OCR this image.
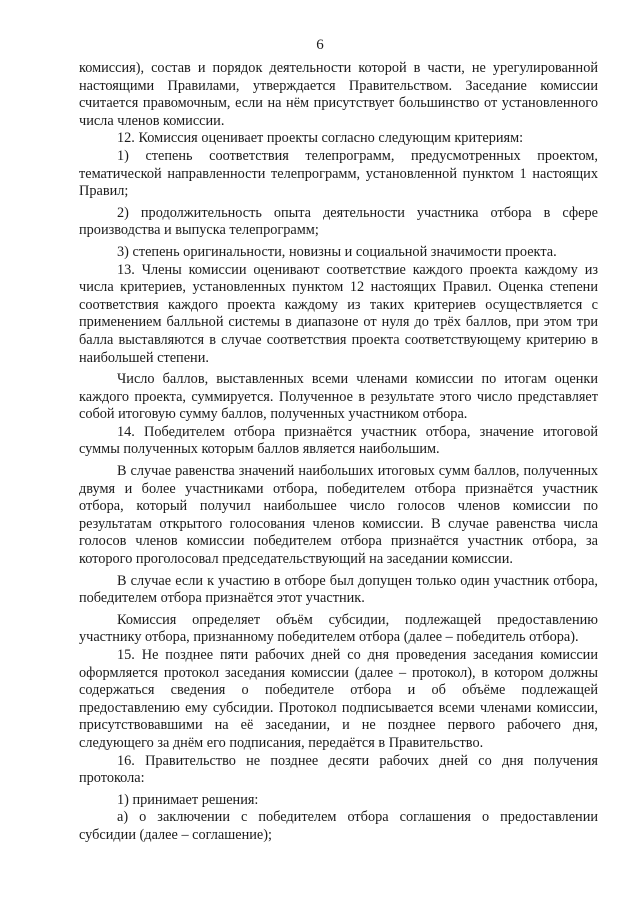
6

комиссия), состав и порядок деятельности которой в части, не урегулированной настоящими Правилами, утверждается Правительством. Заседание комиссии считается правомочным, если на нём присутствует большинство от установленного числа членов комиссии.

12. Комиссия оценивает проекты согласно следующим критериям:

1) степень соответствия телепрограмм, предусмотренных проектом, тематической направленности телепрограмм, установленной пунктом 1 настоящих Правил;

2) продолжительность опыта деятельности участника отбора в сфере производства и выпуска телепрограмм;

3) степень оригинальности, новизны и социальной значимости проекта.

13. Члены комиссии оценивают соответствие каждого проекта каждому из числа критериев, установленных пунктом 12 настоящих Правил. Оценка степени соответствия каждого проекта каждому из таких критериев осуществляется с применением балльной системы в диапазоне от нуля до трёх баллов, при этом три балла выставляются в случае соответствия проекта соответствующему критерию в наибольшей степени.

Число баллов, выставленных всеми членами комиссии по итогам оценки каждого проекта, суммируется. Полученное в результате этого число представляет собой итоговую сумму баллов, полученных участником отбора.

14. Победителем отбора признаётся участник отбора, значение итоговой суммы полученных которым баллов является наибольшим.

В случае равенства значений наибольших итоговых сумм баллов, полученных двумя и более участниками отбора, победителем отбора признаётся участник отбора, который получил наибольшее число голосов членов комиссии по результатам открытого голосования членов комиссии. В случае равенства числа голосов членов комиссии победителем отбора признаётся участник отбора, за которого проголосовал председательствующий на заседании комиссии.

В случае если к участию в отборе был допущен только один участник отбора, победителем отбора признаётся этот участник.

Комиссия определяет объём субсидии, подлежащей предоставлению участнику отбора, признанному победителем отбора (далее – победитель отбора).

15. Не позднее пяти рабочих дней со дня проведения заседания комиссии оформляется протокол заседания комиссии (далее – протокол), в котором должны содержаться сведения о победителе отбора и об объёме подлежащей предоставлению ему субсидии. Протокол подписывается всеми членами комиссии, присутствовавшими на её заседании, и не позднее первого рабочего дня, следующего за днём его подписания, передаётся в Правительство.

16. Правительство не позднее десяти рабочих дней со дня получения протокола:

1) принимает решения:

а) о заключении с победителем отбора соглашения о предоставлении субсидии (далее – соглашение);
